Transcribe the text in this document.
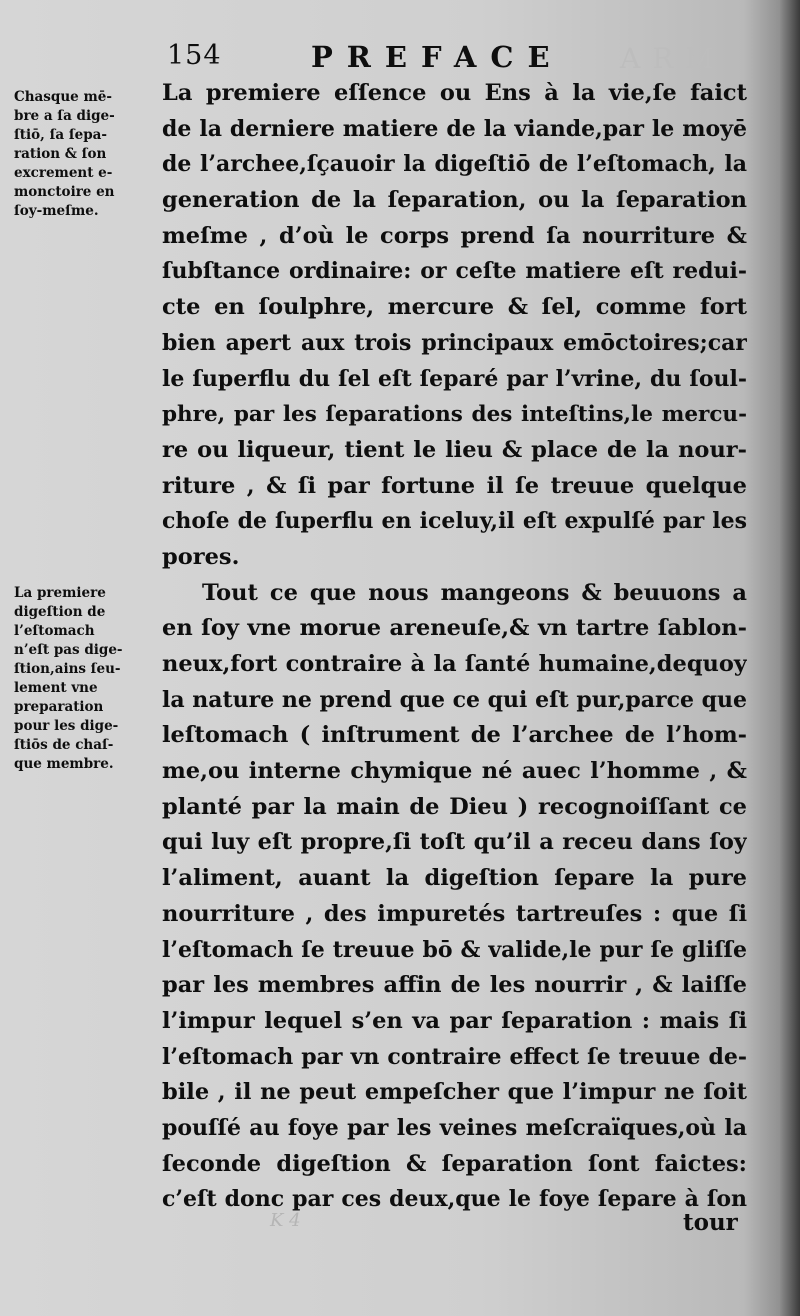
154	PREFACE ARM
Chasque mē-
bre a ſa dige-
ſtiō, ſa ſepa-
ration & ſon
excrement e-
monctoire en
ſoy-meſme.
La premiere
digeſtion de
l’eſtomach
n’eſt pas dige-
ſtion,ains ſeu-
lement vne
preparation
pour les dige-
ſtiōs de chaſ-
que membre.
La premiere eſſence ou Ens à la vie,ſe faict
de la derniere matiere de la viande,par le moyē
de l’archee,ſçauoir la digeſtiō de l’eſtomach, la
generation de la ſeparation, ou la ſeparation
meſme , d’où le corps prend ſa nourriture &
ſubſtance ordinaire: or ceſte matiere eſt redui-
cte en ſoulphre, mercure & ſel, comme fort
bien apert aux trois principaux emōctoires;car
le ſuperflu du ſel eſt ſeparé par l’vrine, du ſoul-
phre, par les ſeparations des inteſtins,le mercu-
re ou liqueur, tient le lieu & place de la nour-
riture , & ſi par fortune il ſe treuue quelque
choſe de ſuperflu en iceluy,il eſt expulſé par les
pores.
Tout ce que nous mangeons & beuuons a
en ſoy vne morue areneuſe,& vn tartre ſablon-
neux,fort contraire à la ſanté humaine,dequoy
la nature ne prend que ce qui eſt pur,parce que
leſtomach ( inſtrument de l’archee de l’hom-
me,ou interne chymique né auec l’homme , &
planté par la main de Dieu ) recognoiſſant ce
qui luy eſt propre,ſi toſt qu’il a receu dans ſoy
l’aliment, auant la digeſtion ſepare la pure
nourriture , des impuretés tartreuſes : que ſi
l’eſtomach ſe treuue bō & valide,le pur ſe gliſſe
par les membres affin de les nourrir , & laiſſe
l’impur lequel s’en va par ſeparation : mais ſi
l’eſtomach par vn contraire effect ſe treuue de-
bile , il ne peut empeſcher que l’impur ne ſoit
pouſſé au foye par les veines meſcraïques,où la
ſeconde digeſtion & ſeparation ſont faictes:
c’eſt donc par ces deux,que le foye ſepare à ſon
K 4	tour
